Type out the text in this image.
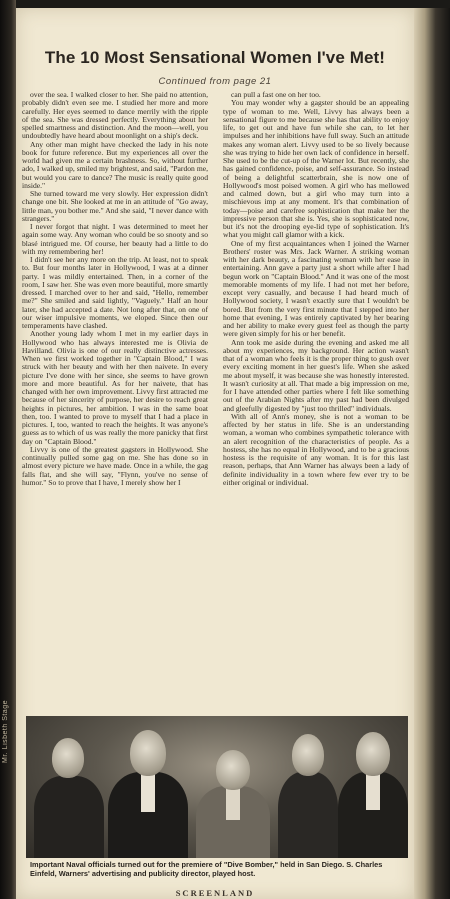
Mr. Lisbeth Stage
The 10 Most Sensational Women I've Met!
Continued from page 21

over the sea. I walked closer to her. She paid no attention, probably didn't even see me. I studied her more and more carefully. Her eyes seemed to dance merrily with the ripple of the sea. She was dressed perfectly. Everything about her spelled smartness and distinction. And the moon—well, you undoubtedly have heard about moonlight on a ship's deck.

Any other man might have checked the lady in his note book for future reference. But my experiences all over the world had given me a certain brashness. So, without further ado, I walked up, smiled my brightest, and said, "Pardon me, but would you care to dance? The music is really quite good inside."

She turned toward me very slowly. Her expression didn't change one bit. She looked at me in an attitude of "Go away, little man, you bother me." And she said, "I never dance with strangers."

I never forgot that night. I was determined to meet her again some way. Any woman who could be so snooty and so blasé intrigued me. Of course, her beauty had a little to do with my remembering her!

I didn't see her any more on the trip. At least, not to speak to. But four months later in Hollywood, I was at a dinner party. I was mildly entertained. Then, in a corner of the room, I saw her. She was even more beautiful, more smartly dressed. I marched over to her and said, "Hello, remember me?" She smiled and said lightly, "Vaguely." Half an hour later, she had accepted a date. Not long after that, on one of our wiser impulsive moments, we eloped. Since then our temperaments have clashed.

Another young lady whom I met in my earlier days in Hollywood who has always interested me is Olivia de Havilland. Olivia is one of our really distinctive actresses. When we first worked together in "Captain Blood," I was struck with her beauty and with her then naivete. In every picture I've done with her since, she seems to have grown more and more beautiful. As for her naivete, that has changed with her own improvement. Livvy first attracted me because of her sincerity of purpose, her desire to reach great heights in pictures, her ambition. I was in the same boat then, too. I wanted to prove to myself that I had a place in pictures. I, too, wanted to reach the heights. It was anyone's guess as to which of us was really the more panicky that first day on "Captain Blood."

Livvy is one of the greatest gagsters in Hollywood. She continually pulled some gag on me. She has done so in almost every picture we have made. Once in a while, the gag falls flat, and she will say, "Flynn, you've no sense of humor." So to prove that I have, I merely show her I

can pull a fast one on her too.

You may wonder why a gagster should be an appealing type of woman to me. Well, Livvy has always been a sensational figure to me because she has that ability to enjoy life, to get out and have fun while she can, to let her impulses and her inhibitions have full sway. Such an attitude makes any woman alert. Livvy used to be so lively because she was trying to hide her own lack of confidence in herself. She used to be the cut-up of the Warner lot. But recently, she has gained confidence, poise, and self-assurance. So instead of being a delightful scatterbrain, she is now one of Hollywood's most poised women. A girl who has mellowed and calmed down, but a girl who may turn into a mischievous imp at any moment. It's that combination of today—poise and carefree sophistication that make her the impressive person that she is. Yes, she is sophisticated now, but it's not the drooping eye-lid type of sophistication. It's what you might call glamor with a kick.

One of my first acquaintances when I joined the Warner Brothers' roster was Mrs. Jack Warner. A striking woman with her dark beauty, a fascinating woman with her ease in entertaining. Ann gave a party just a short while after I had begun work on "Captain Blood." And it was one of the most memorable moments of my life. I had not met her before, except very casually, and because I had heard much of Hollywood society, I wasn't exactly sure that I wouldn't be bored. But from the very first minute that I stepped into her home that evening, I was entirely captivated by her bearing and her ability to make every guest feel as though the party were given simply for his or her benefit.

Ann took me aside during the evening and asked me all about my experiences, my background. Her action wasn't that of a woman who feels it is the proper thing to gush over every exciting moment in her guest's life. When she asked me about myself, it was because she was honestly interested. It wasn't curiosity at all. That made a big impression on me, for I have attended other parties where I felt like something out of the Arabian Nights after my past had been divulged and gleefully digested by "just too thrilled" individuals.

With all of Ann's money, she is not a woman to be affected by her status in life. She is an understanding woman, a woman who combines sympathetic tolerance with an alert recognition of the characteristics of people. As a hostess, she has no equal in Hollywood, and to be a gracious hostess is the requisite of any woman. It is for this last reason, perhaps, that Ann Warner has always been a lady of definite individuality in a town where few ever try to be either original or individual.

Important Naval officials turned out for the premiere of "Dive Bomber," held in San Diego. S. Charles Einfeld, Warners' advertising and publicity director, played host.
SCREENLAND
